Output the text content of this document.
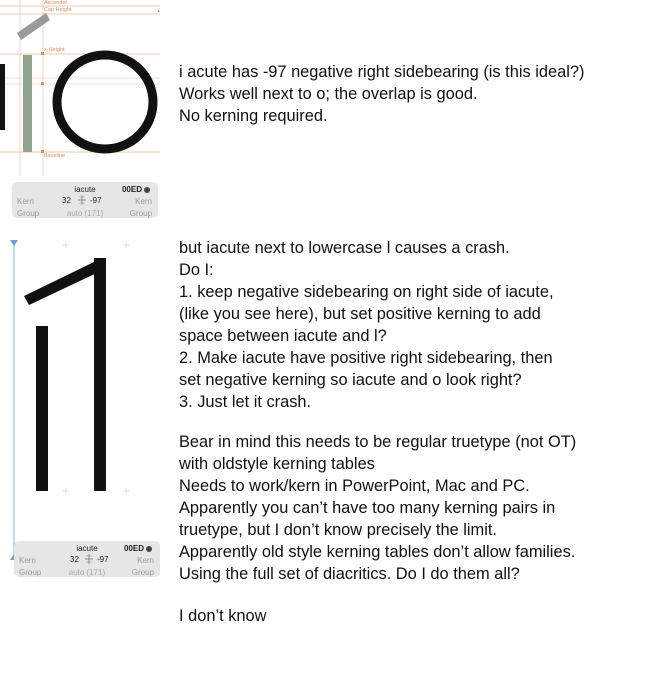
Ascender
Cap Height
x-Height
Baseline
`
iacute	00ED
Kern
Group
32 -97
auto (171)
Kern
Group
iacute	00ED
Kern
Group
32 -97
auto (171)
Kern
Group
i acute has -97 negative right sidebearing (is this ideal?)
Works well next to o; the overlap is good.
No kerning required.
but iacute next to lowercase l causes a crash.
Do I:
1. keep negative sidebearing on right side of iacute,
(like you see here), but set positive kerning to add
space between iacute and l?
2. Make iacute have positive right sidebearing, then
set negative kerning so iacute and o look right?
3. Just let it crash.
Bear in mind this needs to be regular truetype (not OT)
with oldstyle kerning tables
Needs to work/kern in PowerPoint, Mac and PC.
Apparently you can’t have too many kerning pairs in
truetype, but I don’t know precisely the limit.
Apparently old style kerning tables don’t allow families.
Using the full set of diacritics. Do I do them all?
I don’t know
